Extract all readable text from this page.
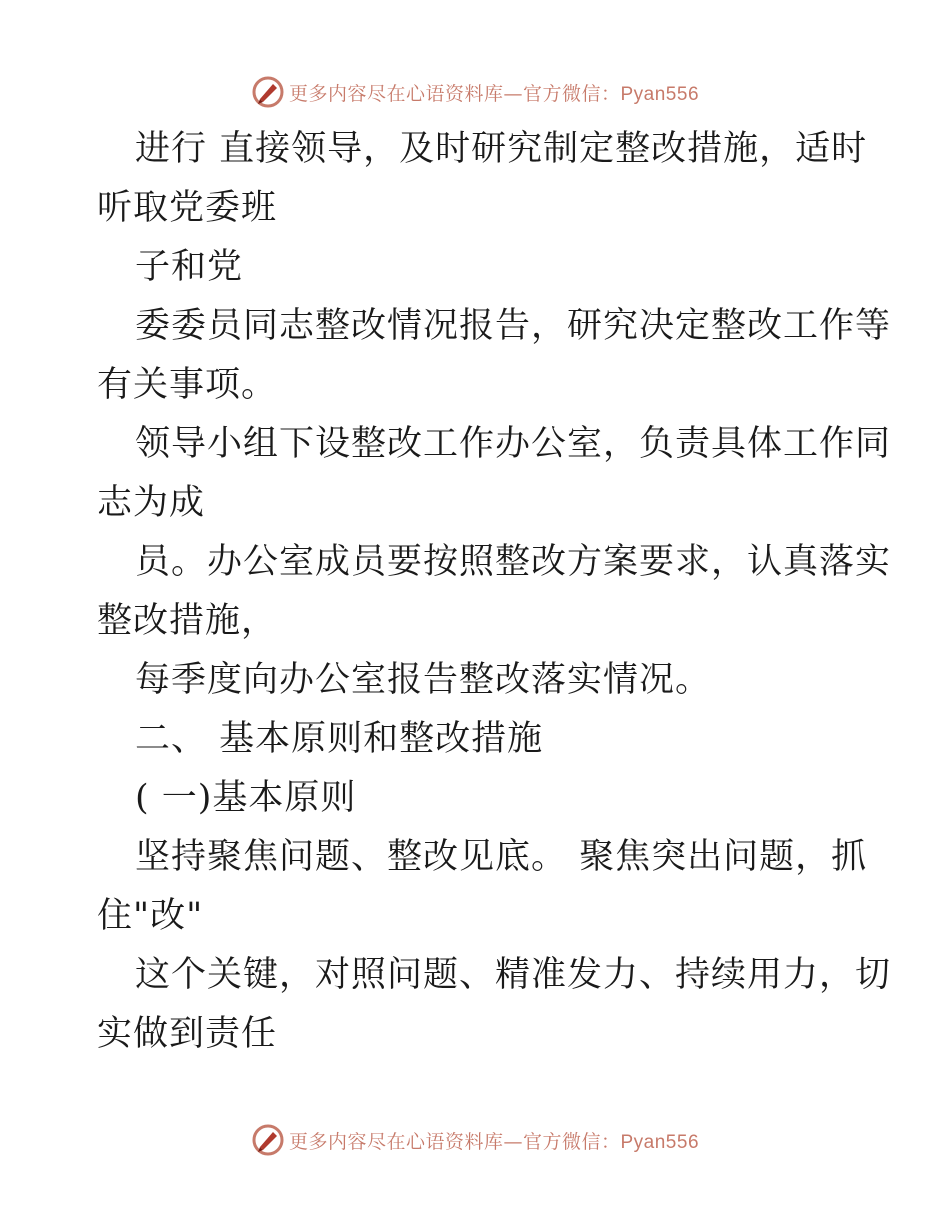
更多内容尽在心语资料库—官方微信：Pyan556
进行 直接领导，及时研究制定整改措施，适时
听取党委班
子和党
委委员同志整改情况报告，研究决定整改工作等
有关事项。
领导小组下设整改工作办公室，负责具体工作同
志为成
员。办公室成员要按照整改方案要求，认真落实
整改措施，
每季度向办公室报告整改落实情况。
二、 基本原则和整改措施
( 一)基本原则
坚持聚焦问题、整改见底。 聚焦突出问题，抓
住"改"
这个关键，对照问题、精准发力、持续用力，切
实做到责任
更多内容尽在心语资料库—官方微信：Pyan556
